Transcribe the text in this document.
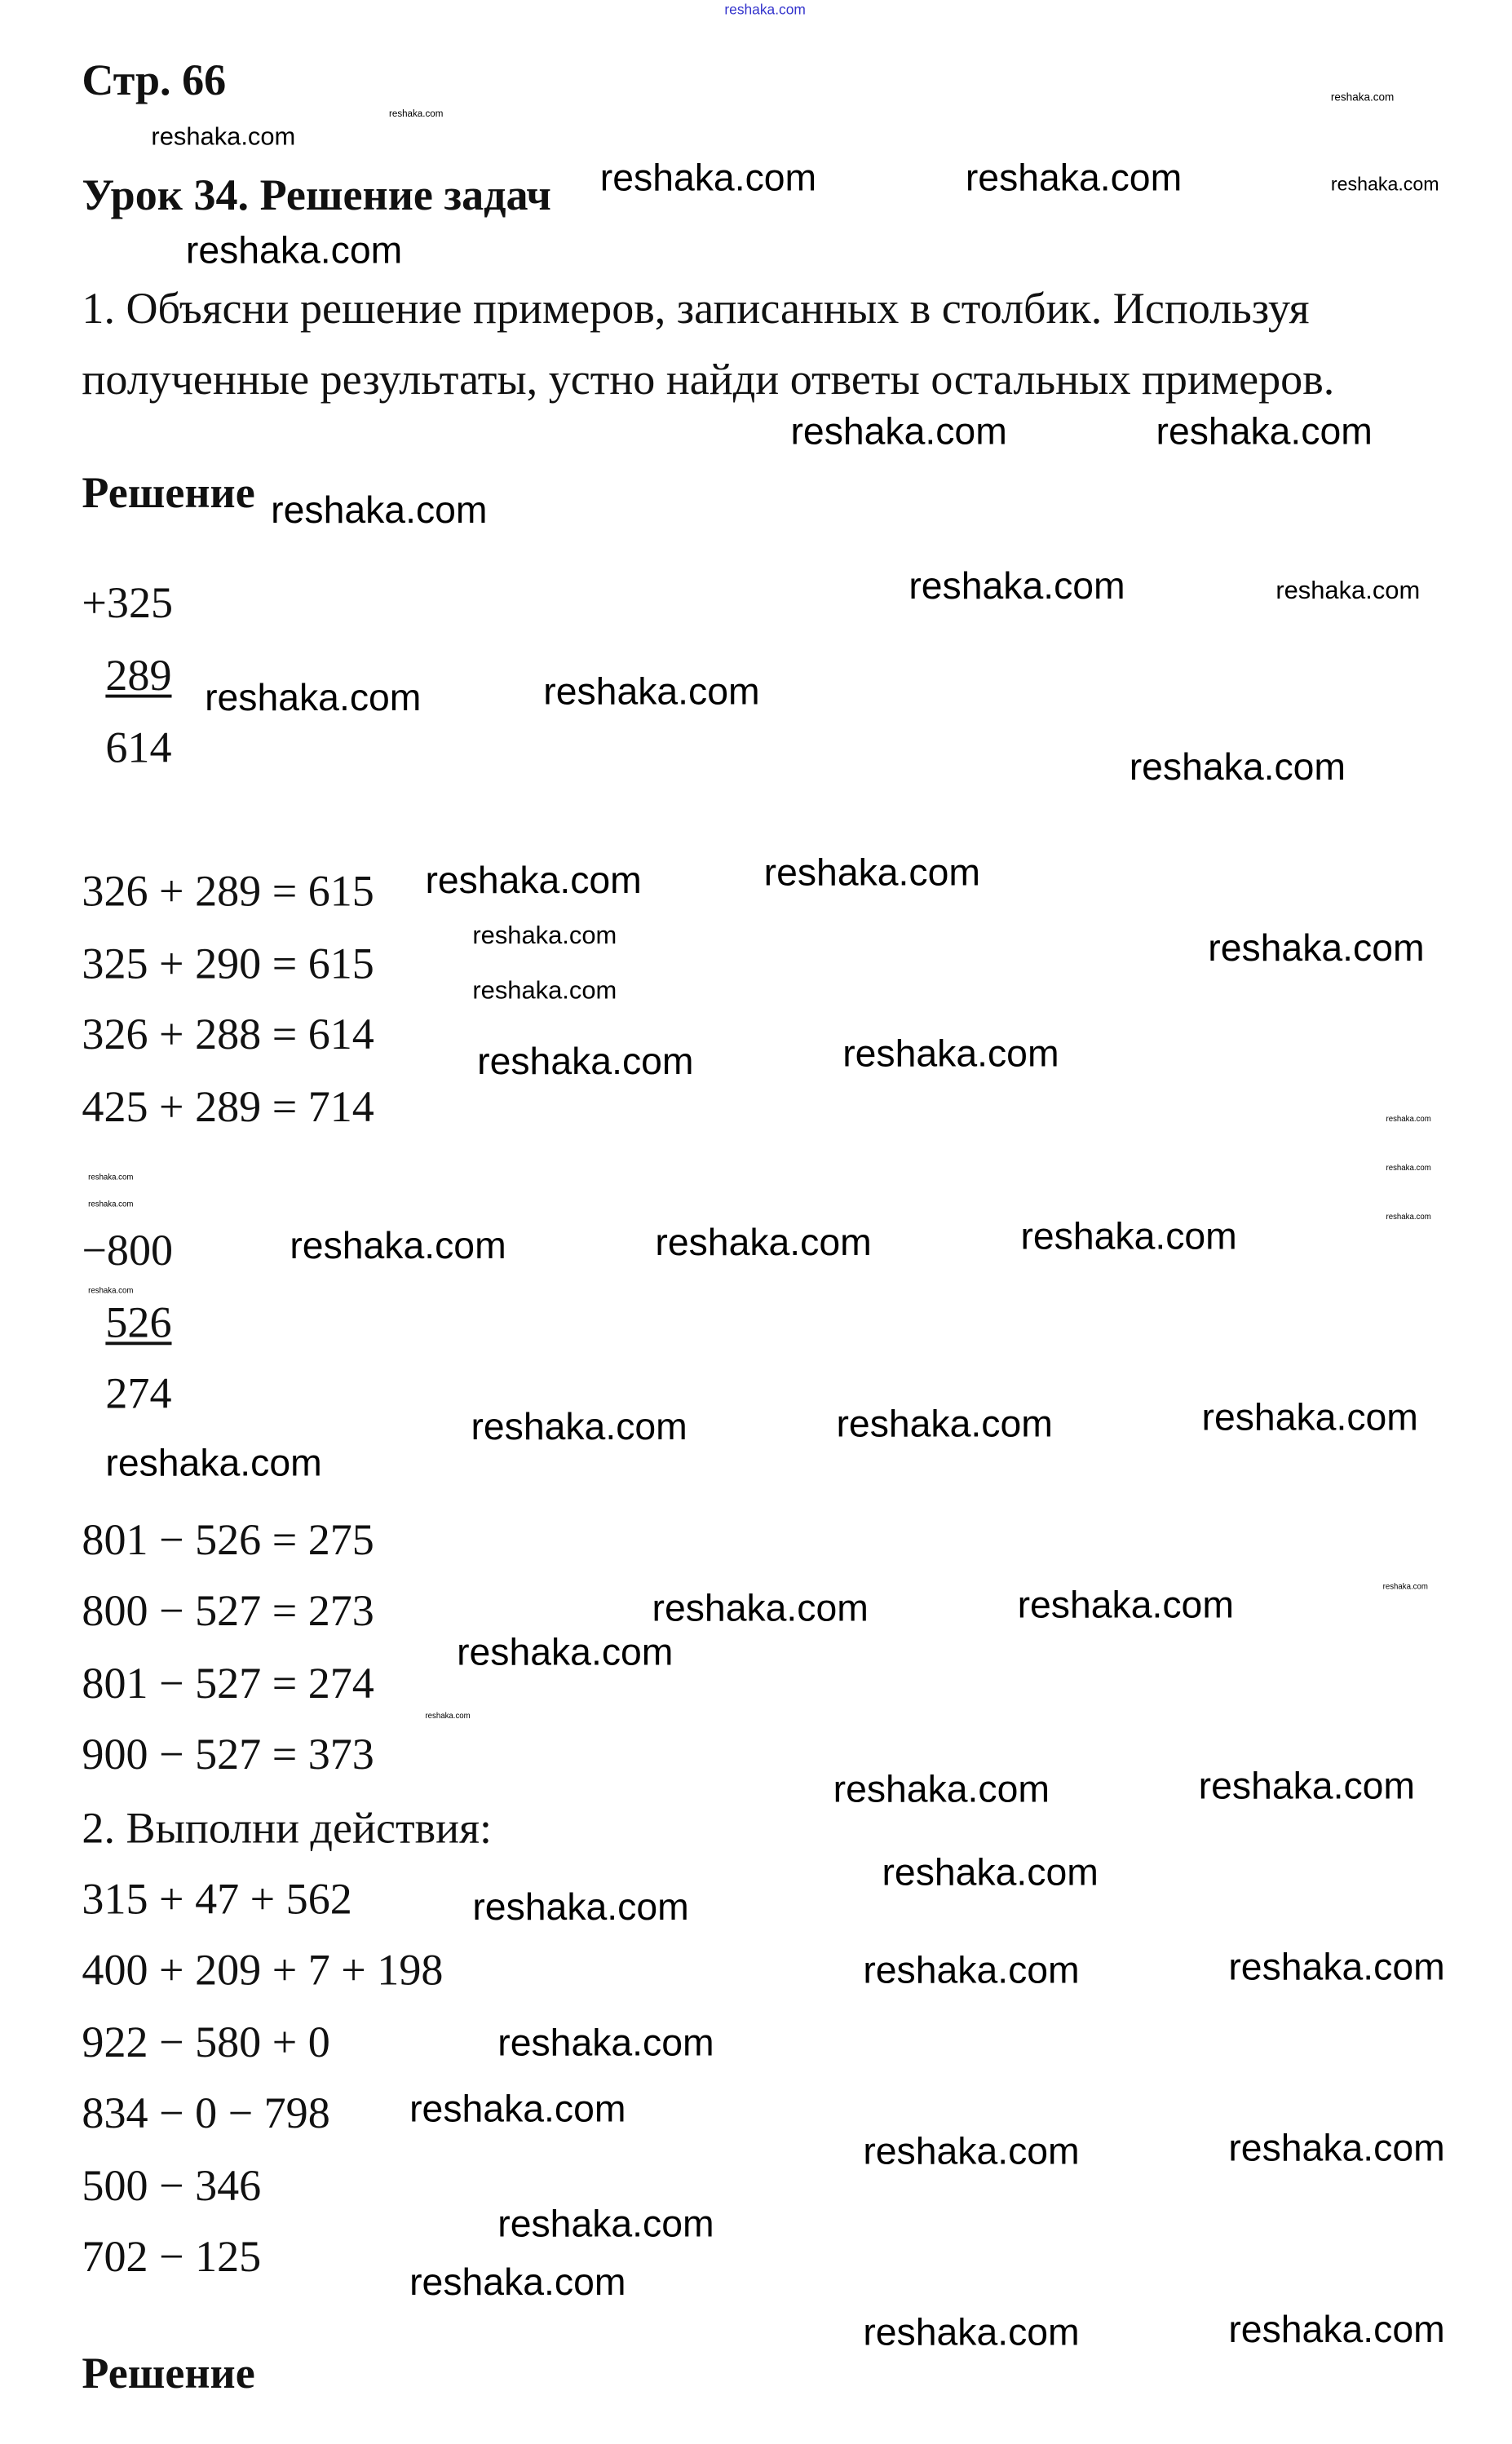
Стр. 66
Урок 34. Решение задач
1. Объясни решение примеров, записанных в столбик. Используя
полученные результаты, устно найди ответы остальных примеров.
Решение
+325
289
614
326 + 289 = 615
325 + 290 = 615
326 + 288 = 614
425 + 289 = 714
−800
526
274
801 − 526 = 275
800 − 527 = 273
801 − 527 = 274
900 − 527 = 373
2. Выполни действия:
315 + 47 + 562
400 + 209 + 7 + 198
922 − 580 + 0
834 − 0 − 798
500 − 346
702 − 125
Решение
reshaka.com
reshaka.com
reshaka.com
reshaka.com
reshaka.com	reshaka.com	reshaka.com
reshaka.com
reshaka.com	reshaka.com
reshaka.com
reshaka.com	reshaka.com
reshaka.com	reshaka.com
reshaka.com
reshaka.com	reshaka.com
reshaka.com	reshaka.com
reshaka.com
reshaka.com	reshaka.com
reshaka.com
reshaka.com
reshaka.com
reshaka.com
reshaka.com
reshaka.com
reshaka.com	reshaka.com	reshaka.com
reshaka.com	reshaka.com	reshaka.com
reshaka.com
reshaka.com	reshaka.com	reshaka.com
reshaka.com
reshaka.com
reshaka.com	reshaka.com
reshaka.com
reshaka.com
reshaka.com	reshaka.com
reshaka.com
reshaka.com
reshaka.com	reshaka.com
reshaka.com
reshaka.com
reshaka.com	reshaka.com
